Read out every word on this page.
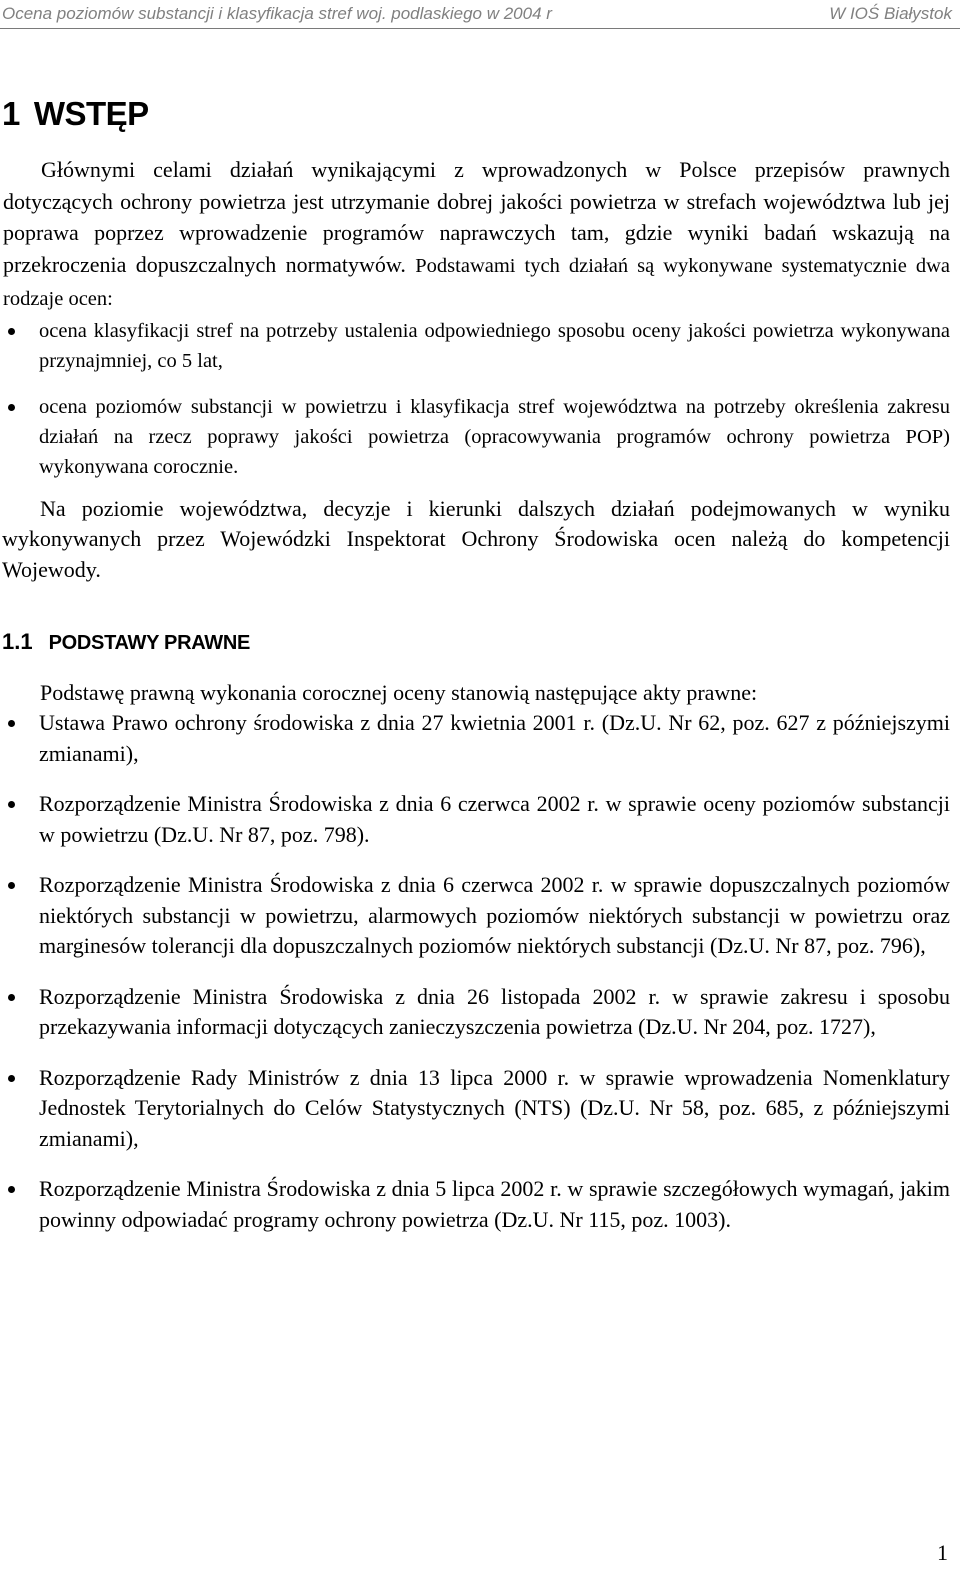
Ocena poziomów substancji i klasyfikacja stref woj. podlaskiego w 2004 r	W IOŚ Białystok
1 WSTĘP

Głównymi celami działań wynikającymi z wprowadzonych w Polsce przepisów prawnych dotyczących ochrony powietrza jest utrzymanie dobrej jakości powietrza w strefach województwa lub jej poprawa poprzez wprowadzenie programów naprawczych tam, gdzie wyniki badań wskazują na przekroczenia dopuszczalnych normatywów. Podstawami tych działań są wykonywane systematycznie dwa rodzaje ocen:

ocena klasyfikacji stref na potrzeby ustalenia odpowiedniego sposobu oceny jakości powietrza wykonywana przynajmniej, co 5 lat,
ocena poziomów substancji w powietrzu i klasyfikacja stref województwa na potrzeby określenia zakresu działań na rzecz poprawy jakości powietrza (opracowywania programów ochrony powietrza POP) wykonywana corocznie.

Na poziomie województwa, decyzje i kierunki dalszych działań podejmowanych w wyniku wykonywanych przez Wojewódzki Inspektorat Ochrony Środowiska ocen należą do kompetencji Wojewody.

1.1 PODSTAWY PRAWNE

Podstawę prawną wykonania corocznej oceny stanowią następujące akty prawne:

Ustawa Prawo ochrony środowiska z dnia 27 kwietnia 2001 r. (Dz.U. Nr 62, poz. 627 z późniejszymi zmianami),
Rozporządzenie Ministra Środowiska z dnia 6 czerwca 2002 r. w sprawie oceny poziomów substancji w powietrzu (Dz.U. Nr 87, poz. 798).
Rozporządzenie Ministra Środowiska z dnia 6 czerwca 2002 r. w sprawie dopuszczalnych poziomów niektórych substancji w powietrzu, alarmowych poziomów niektórych substancji w powietrzu oraz marginesów tolerancji dla dopuszczalnych poziomów niektórych substancji (Dz.U. Nr 87, poz. 796),
Rozporządzenie Ministra Środowiska z dnia 26 listopada 2002 r. w sprawie zakresu i sposobu przekazywania informacji dotyczących zanieczyszczenia powietrza (Dz.U. Nr 204, poz. 1727),
Rozporządzenie Rady Ministrów z dnia 13 lipca 2000 r. w sprawie wprowadzenia Nomenklatury Jednostek Terytorialnych do Celów Statystycznych (NTS) (Dz.U. Nr 58, poz. 685, z późniejszymi zmianami),
Rozporządzenie Ministra Środowiska z dnia 5 lipca 2002 r. w sprawie szczegółowych wymagań, jakim powinny odpowiadać programy ochrony powietrza (Dz.U. Nr 115, poz. 1003).
1
